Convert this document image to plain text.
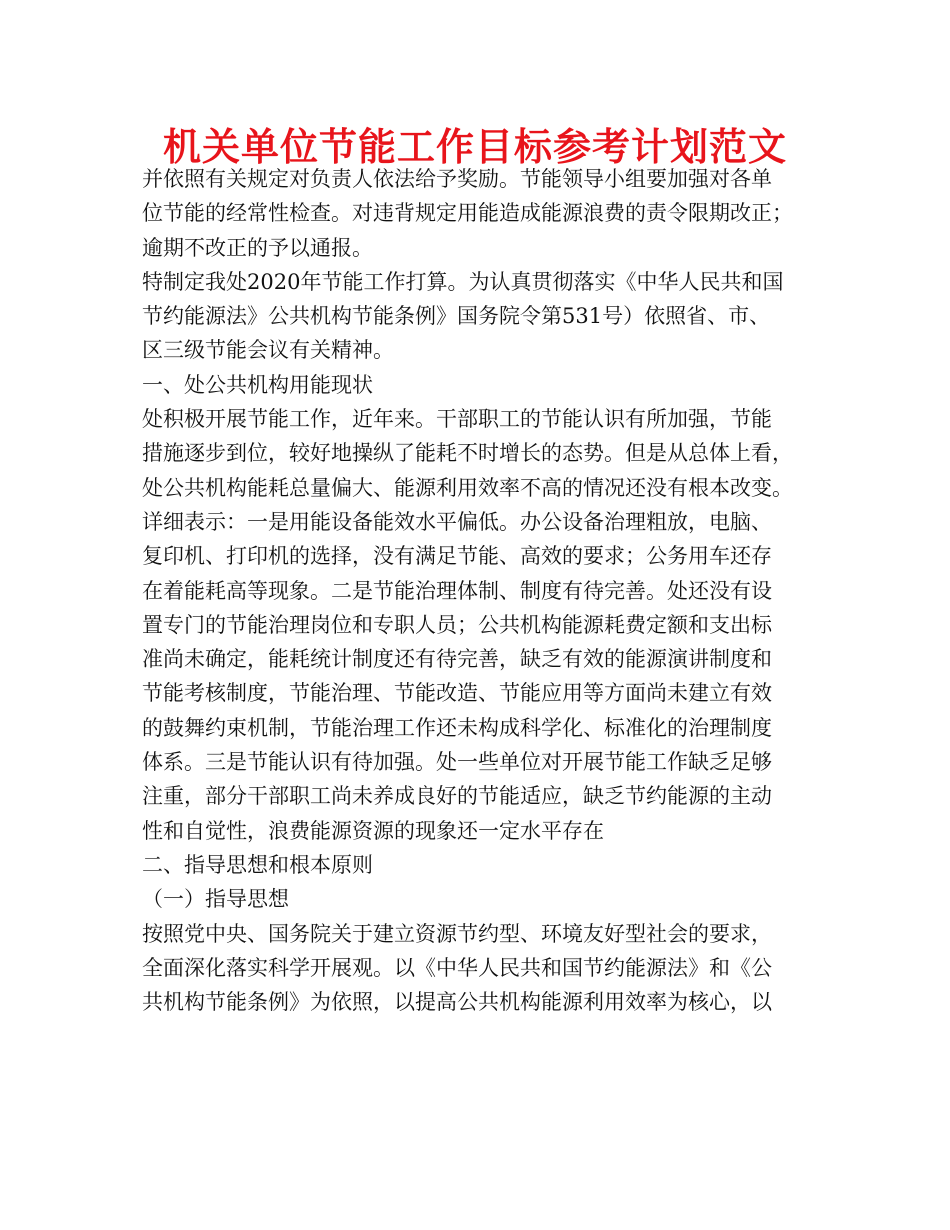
机关单位节能工作目标参考计划范文
并依照有关规定对负责人依法给予奖励。节能领导小组要加强对各单
位节能的经常性检查。对违背规定用能造成能源浪费的责令限期改正；
逾期不改正的予以通报。
特制定我处2020年节能工作打算。为认真贯彻落实《中华人民共和国
节约能源法》公共机构节能条例》国务院令第531号）依照省、市、
区三级节能会议有关精神。
一、处公共机构用能现状
处积极开展节能工作，近年来。干部职工的节能认识有所加强，节能
措施逐步到位，较好地操纵了能耗不时增长的态势。但是从总体上看，
处公共机构能耗总量偏大、能源利用效率不高的情况还没有根本改变。
详细表示：一是用能设备能效水平偏低。办公设备治理粗放，电脑、
复印机、打印机的选择，没有满足节能、高效的要求；公务用车还存
在着能耗高等现象。二是节能治理体制、制度有待完善。处还没有设
置专门的节能治理岗位和专职人员；公共机构能源耗费定额和支出标
准尚未确定，能耗统计制度还有待完善，缺乏有效的能源演讲制度和
节能考核制度，节能治理、节能改造、节能应用等方面尚未建立有效
的鼓舞约束机制，节能治理工作还未构成科学化、标准化的治理制度
体系。三是节能认识有待加强。处一些单位对开展节能工作缺乏足够
注重，部分干部职工尚未养成良好的节能适应，缺乏节约能源的主动
性和自觉性，浪费能源资源的现象还一定水平存在
二、指导思想和根本原则
（一）指导思想
按照党中央、国务院关于建立资源节约型、环境友好型社会的要求，
全面深化落实科学开展观。以《中华人民共和国节约能源法》和《公
共机构节能条例》为依照，以提高公共机构能源利用效率为核心，以
